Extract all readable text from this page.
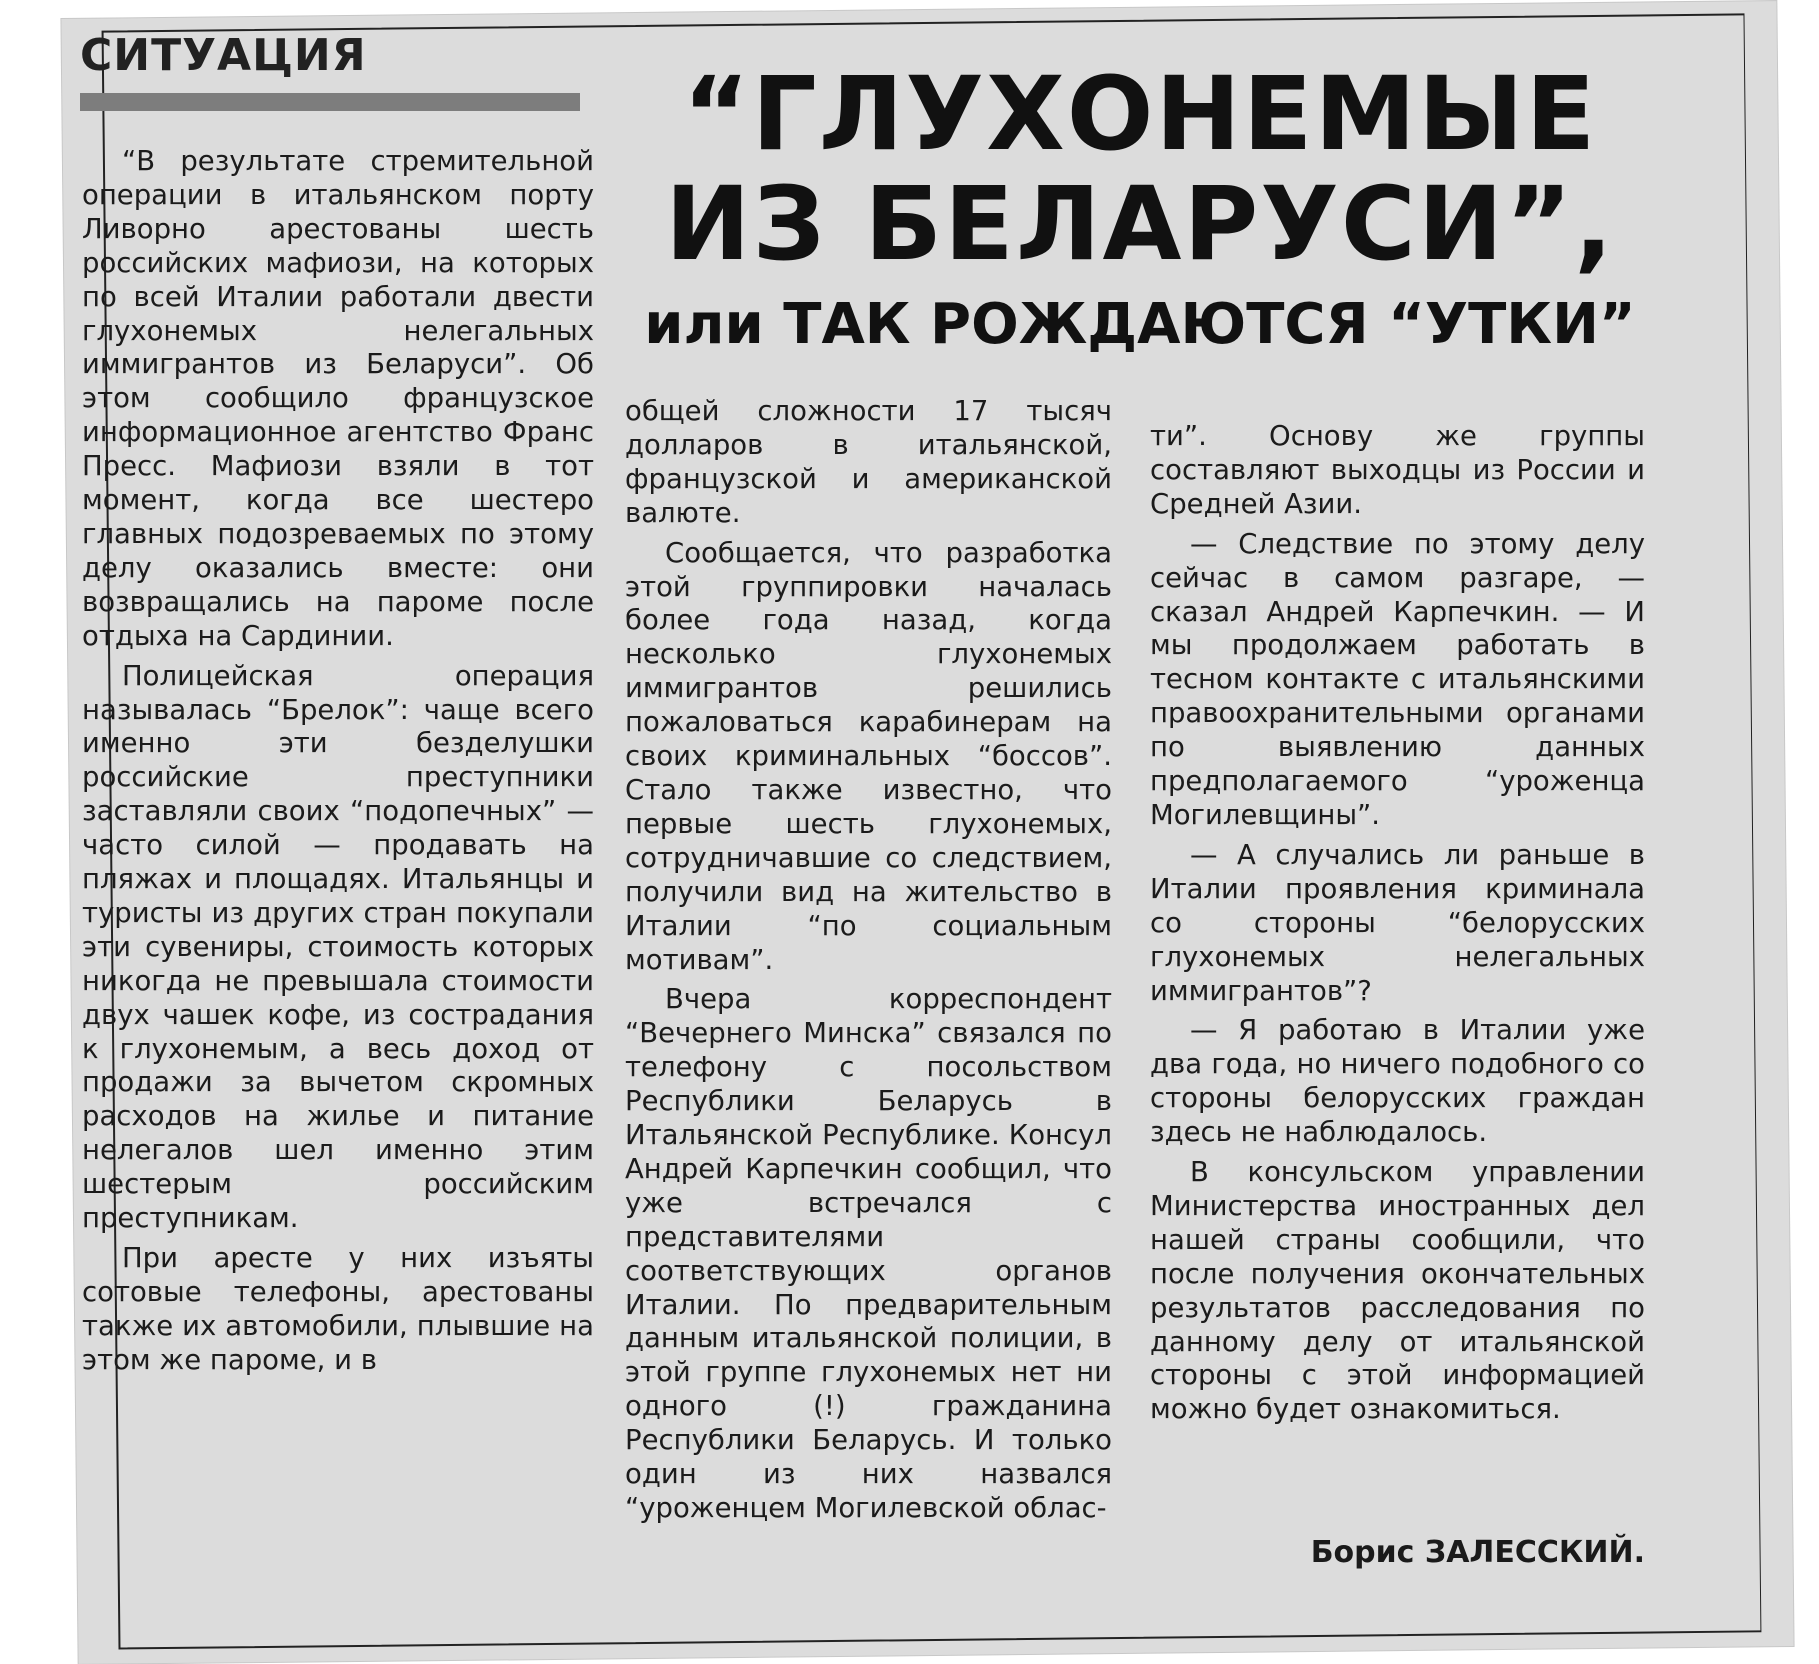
СИТУАЦИЯ	“ГЛУХОНЕМЫЕ
ИЗ БЕЛАРУСИ”,
или ТАК РОЖДАЮТСЯ “УТКИ”

“В результате стремительной операции в итальянском порту Ливорно арестованы шесть российских мафиози, на которых по всей Италии работали двести глухонемых нелегальных иммигрантов из Беларуси”. Об этом сообщило французское информационное агентство Франс Пресс. Мафиози взяли в тот момент, когда все шестеро главных подозреваемых по этому делу оказались вместе: они возвращались на пароме после отдыха на Сардинии.

Полицейская операция называлась “Брелок”: чаще всего именно эти безделушки российские преступники заставляли своих “подопечных” — часто силой — продавать на пляжах и площадях. Итальянцы и туристы из других стран покупали эти сувениры, стоимость которых никогда не превышала стоимости двух чашек кофе, из сострадания к глухонемым, а весь доход от продажи за вычетом скромных расходов на жилье и питание нелегалов шел именно этим шестерым российским преступникам.

При аресте у них изъяты сотовые телефоны, арестованы также их автомобили, плывшие на этом же пароме, и в

общей сложности 17 тысяч долларов в итальянской, французской и американской валюте.

Сообщается, что разработка этой группировки началась более года назад, когда несколько глухонемых иммигрантов решились пожаловаться карабинерам на своих криминальных “боссов”. Стало также известно, что первые шесть глухонемых, сотрудничавшие со следствием, получили вид на жительство в Италии “по социальным мотивам”.

Вчера корреспондент “Вечернего Минска” связался по телефону с посольством Республики Беларусь в Итальянской Республике. Консул Андрей Карпечкин сообщил, что уже встречался с представителями соответствующих органов Италии. По предварительным данным итальянской полиции, в этой группе глухонемых нет ни одного (!) гражданина Республики Беларусь. И только один из них назвался “уроженцем Могилевской облас-

ти”. Основу же группы составляют выходцы из России и Средней Азии.

— Следствие по этому делу сейчас в самом разгаре, — сказал Андрей Карпечкин. — И мы продолжаем работать в тесном контакте с итальянскими правоохранительными органами по выявлению данных предполагаемого “уроженца Могилевщины”.

— А случались ли раньше в Италии проявления криминала со стороны “белорусских глухонемых нелегальных иммигрантов”?

— Я работаю в Италии уже два года, но ничего подобного со стороны белорусских граждан здесь не наблюдалось.

В консульском управлении Министерства иностранных дел нашей страны сообщили, что после получения окончательных результатов расследования по данному делу от итальянской стороны с этой информацией можно будет ознакомиться.

Борис ЗАЛЕССКИЙ.
